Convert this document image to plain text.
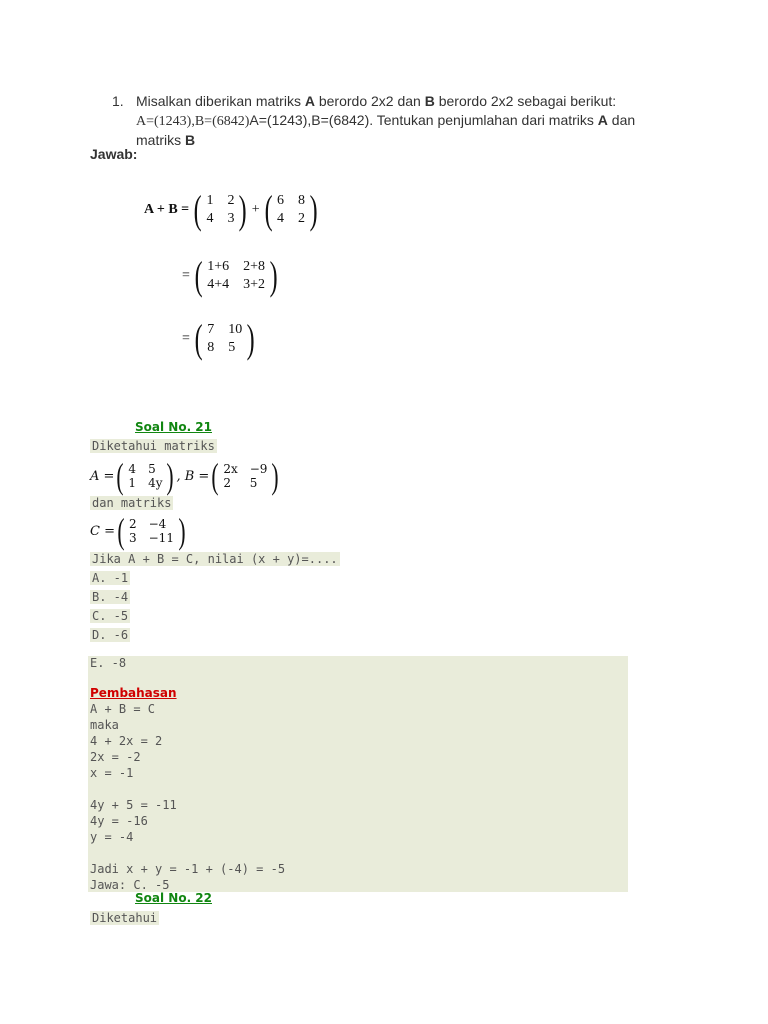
1. Misalkan diberikan matriks A berordo 2x2 dan B berordo 2x2 sebagai berikut:
A=(1243),B=(6842)A=(1243),B=(6842). Tentukan penjumlahan dari matriks A dan
matriks B
Jawab:
A + B = ( 1 2
4 3 ) + ( 6 8
4 2 )
= ( 1+6 2+8
4+4 3+2 )
= ( 7 10
8 5 )
Soal No. 21
Diketahui matriks
A = ( 4 5
1 4y ) , B = ( 2x −9
2	5 )
dan matriks
C = ( 2 −4
3 −11 )
Jika A + B = C, nilai (x + y)=....
A. -1
B. -4
C. -5
D. -6
E. -8
Pembahasan
A + B = C
maka
4 + 2x = 2
2x = -2
x = -1
4y + 5 = -11
4y = -16
y = -4
Jadi x + y = -1 + (-4) = -5
Jawa: C. -5
Soal No. 22
Diketahui
